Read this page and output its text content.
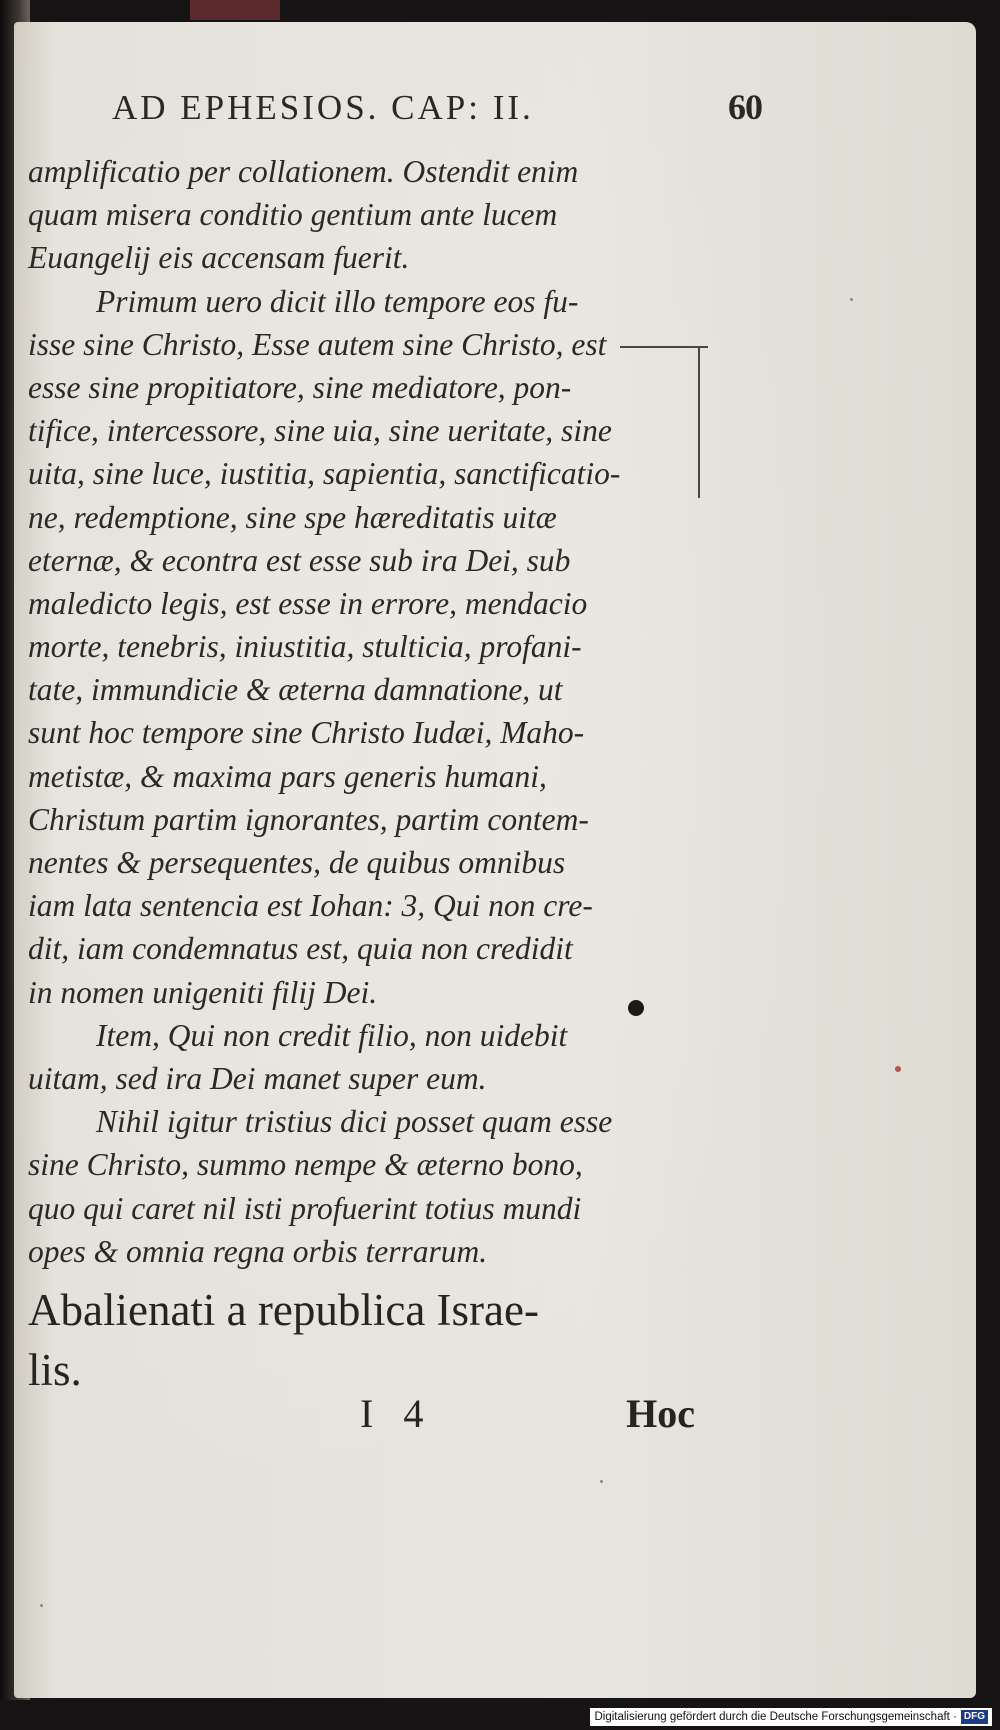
AD EPHESIOS. CAP: II.	60
amplificatio per collationem. Ostendit enim
quam misera conditio gentium ante lucem
Euangelij eis accensam fuerit.
Primum uero dicit illo tempore eos fu-
isse sine Christo, Esse autem sine Christo, est
esse sine propitiatore, sine mediatore, pon-
tifice, intercessore, sine uia, sine ueritate, sine
uita, sine luce, iustitia, sapientia, sanctificatio-
ne, redemptione, sine spe hæreditatis uitæ
eternæ, & econtra est esse sub ira Dei, sub
maledicto legis, est esse in errore, mendacio
morte, tenebris, iniustitia, stulticia, profani-
tate, immundicie & æterna damnatione, ut
sunt hoc tempore sine Christo Iudæi, Maho-
metistæ, & maxima pars generis humani,
Christum partim ignorantes, partim contem-
nentes & persequentes, de quibus omnibus
iam lata sentencia est Iohan: 3, Qui non cre-
dit, iam condemnatus est, quia non credidit
in nomen unigeniti filij Dei.
Item, Qui non credit filio, non uidebit
uitam, sed ira Dei manet super eum.
Nihil igitur tristius dici posset quam esse
sine Christo, summo nempe & æterno bono,
quo qui caret nil isti profuerint totius mundi
opes & omnia regna orbis terrarum.
Abalienati a republica Israe-
lis.
I 4	Hoc
Digitalisierung gefördert durch die Deutsche Forschungsgemeinschaft · DFG
